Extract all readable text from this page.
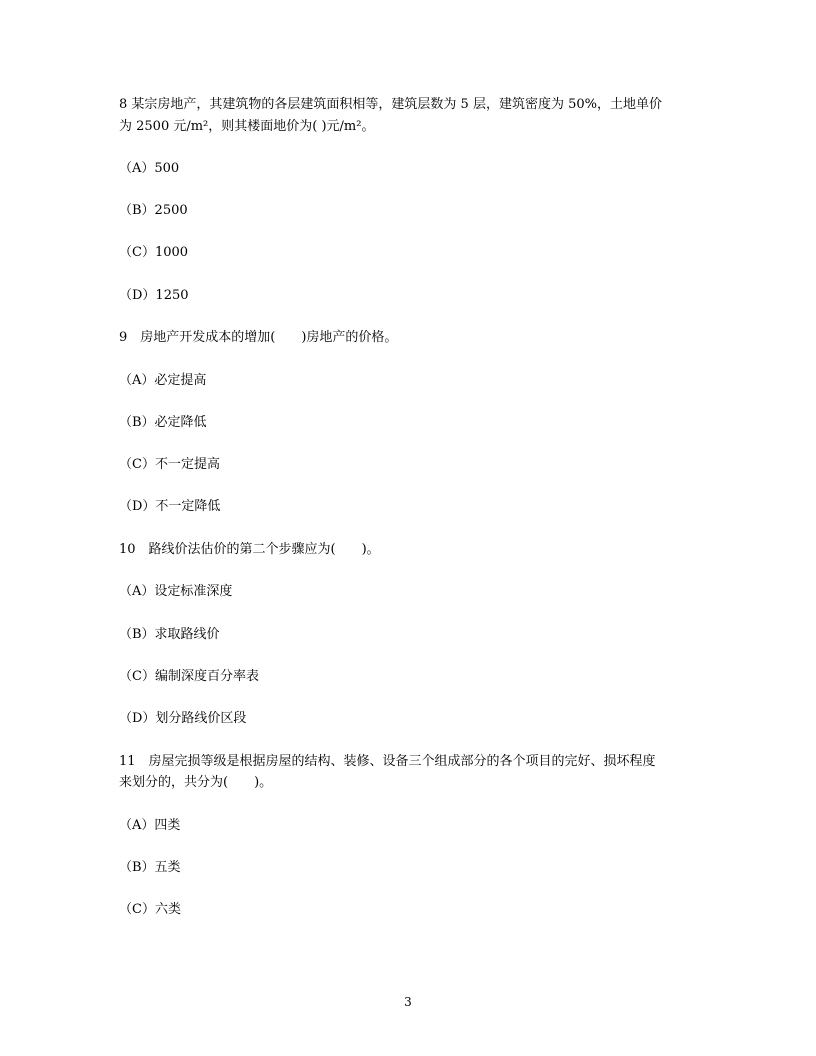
8 某宗房地产，其建筑物的各层建筑面积相等，建筑层数为 5 层，建筑密度为 50%，土地单价
为 2500 元/m²，则其楼面地价为( )元/m²。
（A）500
（B）2500
（C）1000
（D）1250
9　房地产开发成本的增加(　　)房地产的价格。
（A）必定提高
（B）必定降低
（C）不一定提高
（D）不一定降低
10　路线价法估价的第二个步骤应为(　　)。
（A）设定标准深度
（B）求取路线价
（C）编制深度百分率表
（D）划分路线价区段
11　房屋完损等级是根据房屋的结构、装修、设备三个组成部分的各个项目的完好、损坏程度
来划分的，共分为(　　)。
（A）四类
（B）五类
（C）六类
3
